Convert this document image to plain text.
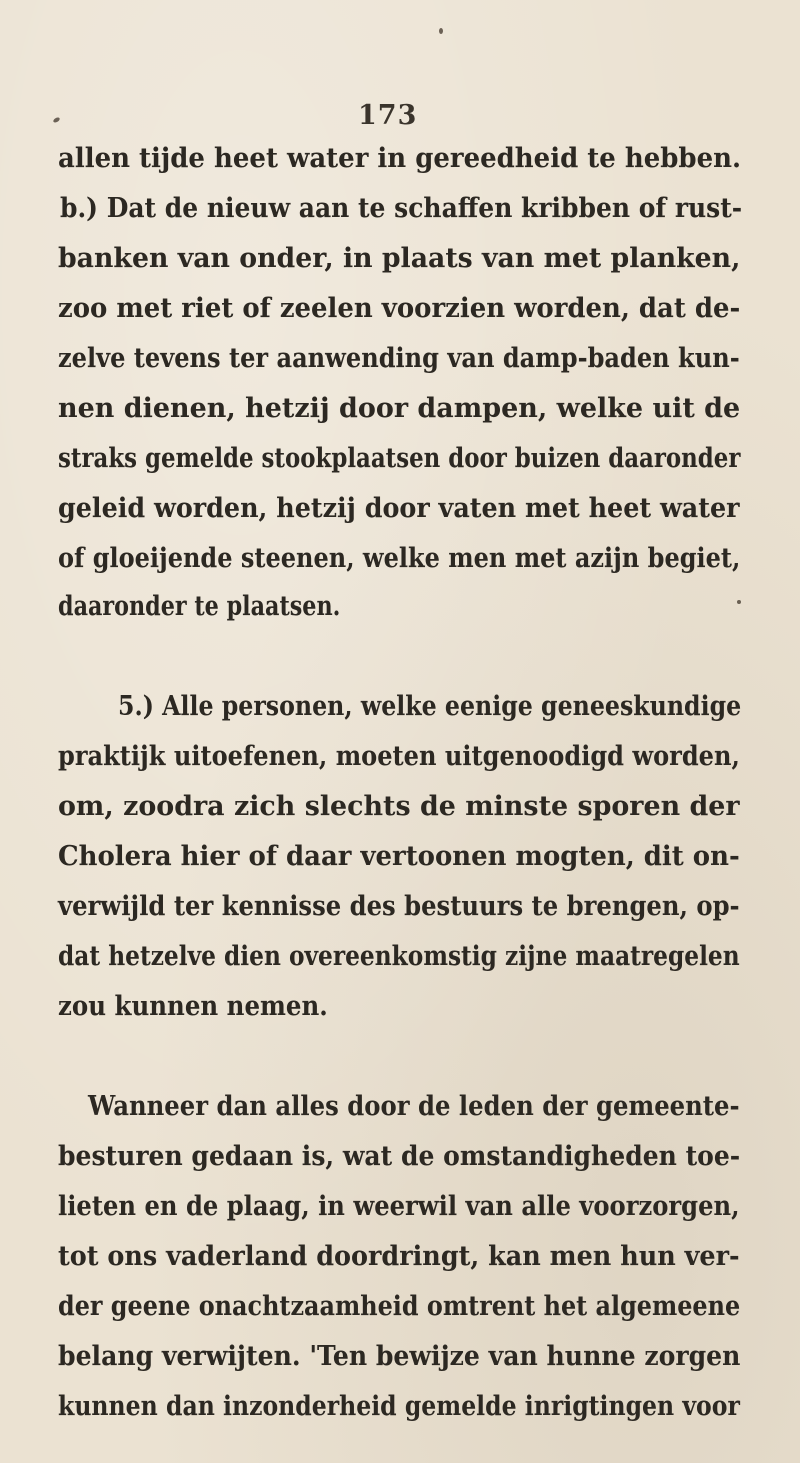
173
allen tijde heet water in gereedheid te hebben.
b.) Dat de nieuw aan te schaffen kribben of rust-
banken van onder, in plaats van met planken,
zoo met riet of zeelen voorzien worden, dat de-
zelve tevens ter aanwending van damp-baden kun-
nen dienen, hetzij door dampen, welke uit de
straks gemelde stookplaatsen door buizen daaronder
geleid worden, hetzij door vaten met heet water
of gloeijende steenen, welke men met azijn begiet,
daaronder te plaatsen.
5.) Alle personen, welke eenige geneeskundige
praktijk uitoefenen, moeten uitgenoodigd worden,
om, zoodra zich slechts de minste sporen der
Cholera hier of daar vertoonen mogten, dit on-
verwijld ter kennisse des bestuurs te brengen, op-
dat hetzelve dien overeenkomstig zijne maatregelen
zou kunnen nemen.
Wanneer dan alles door de leden der gemeente-
besturen gedaan is, wat de omstandigheden toe-
lieten en de plaag, in weerwil van alle voorzorgen,
tot ons vaderland doordringt, kan men hun ver-
der geene onachtzaamheid omtrent het algemeene
belang verwijten. 'Ten bewijze van hunne zorgen
kunnen dan inzonderheid gemelde inrigtingen voor
